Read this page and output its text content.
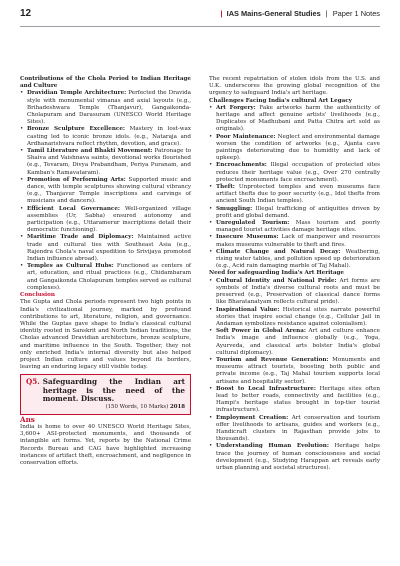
12	| IAS Mains-General Studies | Paper 1 Notes

Contributions of the Chola Period to Indian Heritage and Culture

• Dravidian Temple Architecture: Perfected the Dravida style with monumental vimanas and axial layouts (e.g., Brihadeshwara Temple (Thanjavur), Gangaikonda-Cholapuram and Darasuram (UNESCO World Heritage Sites).
• Bronze Sculpture Excellence: Mastery in lost-wax casting led to iconic bronze idols. (e.g., Nataraja and Ardhanarishvara reflect rhythm, devotion, and grace).
• Tamil Literature and Bhakti Movement: Patronage to Shaiva and Vaishnava saints, devotional works flourished (e.g., Tevaram, Divya Prabandham, Periya Puranam, and Kamban's Ramavataram).
• Promotion of Performing Arts: Supported music and dance, with temple sculptures showing cultural vibrancy (e.g., Thanjavur Temple inscriptions and carvings of musicians and dancers).
• Efficient Local Governance: Well-organized village assemblies (Ur, Sabha) ensured autonomy and participation (e.g., Uttaramerur inscriptions detail their democratic functioning).
• Maritime Trade and Diplomacy: Maintained active trade and cultural ties with Southeast Asia (e.g., Rajendra Chola's naval expedition to Srivijaya promoted Indian influence abroad).
• Temples as Cultural Hubs: Functioned as centers of art, education, and ritual practices (e.g., Chidambaram and Gangaikonda Cholapuram temples served as cultural complexes).

Conclusion

The Gupta and Chola periods represent two high points in India's civilizational journey, marked by profound contributions to art, literature, religion, and governance. While the Guptas gave shape to India's classical cultural identity rooted in Sanskrit and North Indian traditions, the Cholas advanced Dravidian architecture, bronze sculpture, and maritime influence in the South. Together, they not only enriched India's internal diversity but also helped project Indian culture and values beyond its borders, leaving an enduring legacy still visible today.

Q5. Safeguarding the Indian art heritage is the need of the moment. Discuss.
(150 Words, 10 Marks) 2018

Ans

India is home to over 40 UNESCO World Heritage Sites, 3,600+ ASI-protected monuments, and thousands of intangible art forms. Yet, reports by the National Crime Records Bureau and CAG have highlighted increasing instances of artifact theft, encroachment, and negligence in conservation efforts.

The recent repatriation of stolen idols from the U.S. and U.K. underscores the growing global recognition of the urgency to safeguard India's art heritage.

Challenges Facing India's cultural Art Legacy

• Art Forgery: Fake artworks harm the authenticity of heritage and affect genuine artists' livelihoods (e.g., Duplicates of Madhubani and Patta Chitra art sold as originals).
• Poor Maintenance: Neglect and environmental damage worsen the condition of artworks (e.g., Ajanta cave paintings deteriorating due to humidity and lack of upkeep).
• Encroachments: Illegal occupation of protected sites reduces their heritage value (e.g., Over 270 centrally protected monuments face encroachment).
• Theft: Unprotected temples and even museums face artifact thefts due to poor security (e.g., Idol thefts from ancient South Indian temples).
• Smuggling: Illegal trafficking of antiquities driven by profit and global demand.
• Unregulated Tourism: Mass tourism and poorly managed tourist activities damage heritage sites.
• Insecure Museums: Lack of manpower and resources makes museums vulnerable to theft and fires.
• Climate Change and Natural Decay: Weathering, rising water tables, and pollution speed up deterioration (e.g., Acid rain damaging marble of Taj Mahal).

Need for safeguarding India's Art Heritage

• Cultural Identity and National Pride: Art forms are symbols of India's diverse cultural roots and must be preserved (e.g., Preservation of classical dance forms like Bharatanatyam reflects cultural pride).
• Inspirational Value: Historical sites narrate powerful stories that inspire social change (e.g., Cellular Jail in Andaman symbolizes resistance against colonialism).
• Soft Power in Global Arena: Art and culture enhance India's image and influence globally (e.g., Yoga, Ayurveda, and classical arts bolster India's global cultural diplomacy).
• Tourism and Revenue Generation: Monuments and museums attract tourists, boosting both public and private income (e.g., Taj Mahal tourism supports local artisans and hospitality sector).
• Boost to Local Infrastructure: Heritage sites often lead to better roads, connectivity and facilities (e.g., Hampi's heritage status brought in top-tier tourist infrastructure).
• Employment Creation: Art conservation and tourism offer livelihoods to artisans, guides and workers (e.g., Handicraft clusters in Rajasthan provide jobs to thousands).
• Understanding Human Evolution: Heritage helps trace the journey of human consciousness and social development (e.g., Studying Harappan art reveals early urban planning and societal structures).
